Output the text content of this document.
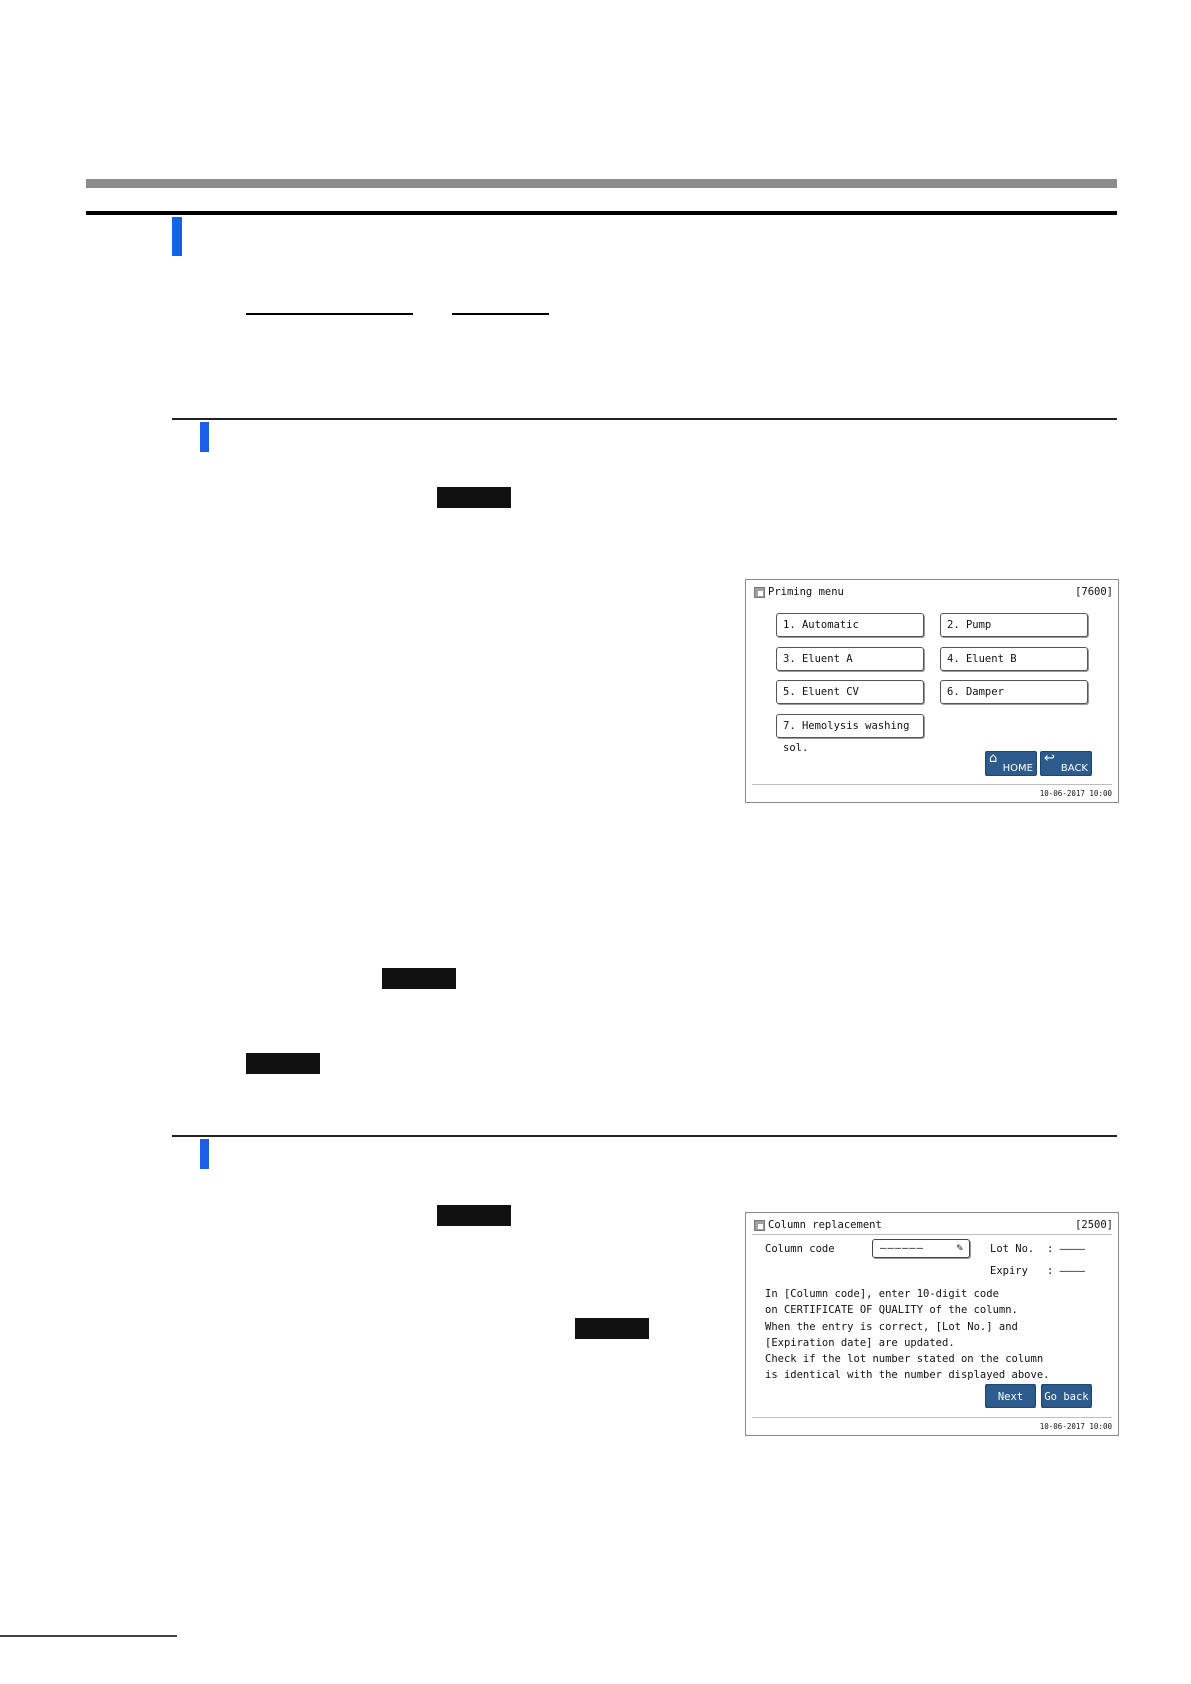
Priming menu	[7600]
1. Automatic	2. Pump
3. Eluent A	4. Eluent B
5. Eluent CV	6. Damper
7. Hemolysis washing sol.
⌂
HOME
↩
BACK
10-06-2017 10:00
Column replacement	[2500]
Column code	––––––	✎	Lot No. : ––––
Expiry : ––––
In [Column code], enter 10-digit code
on CERTIFICATE OF QUALITY of the column.
When the entry is correct, [Lot No.] and
[Expiration date] are updated.
Check if the lot number stated on the column
is identical with the number displayed above.
Next	Go back
10-06-2017 10:00
